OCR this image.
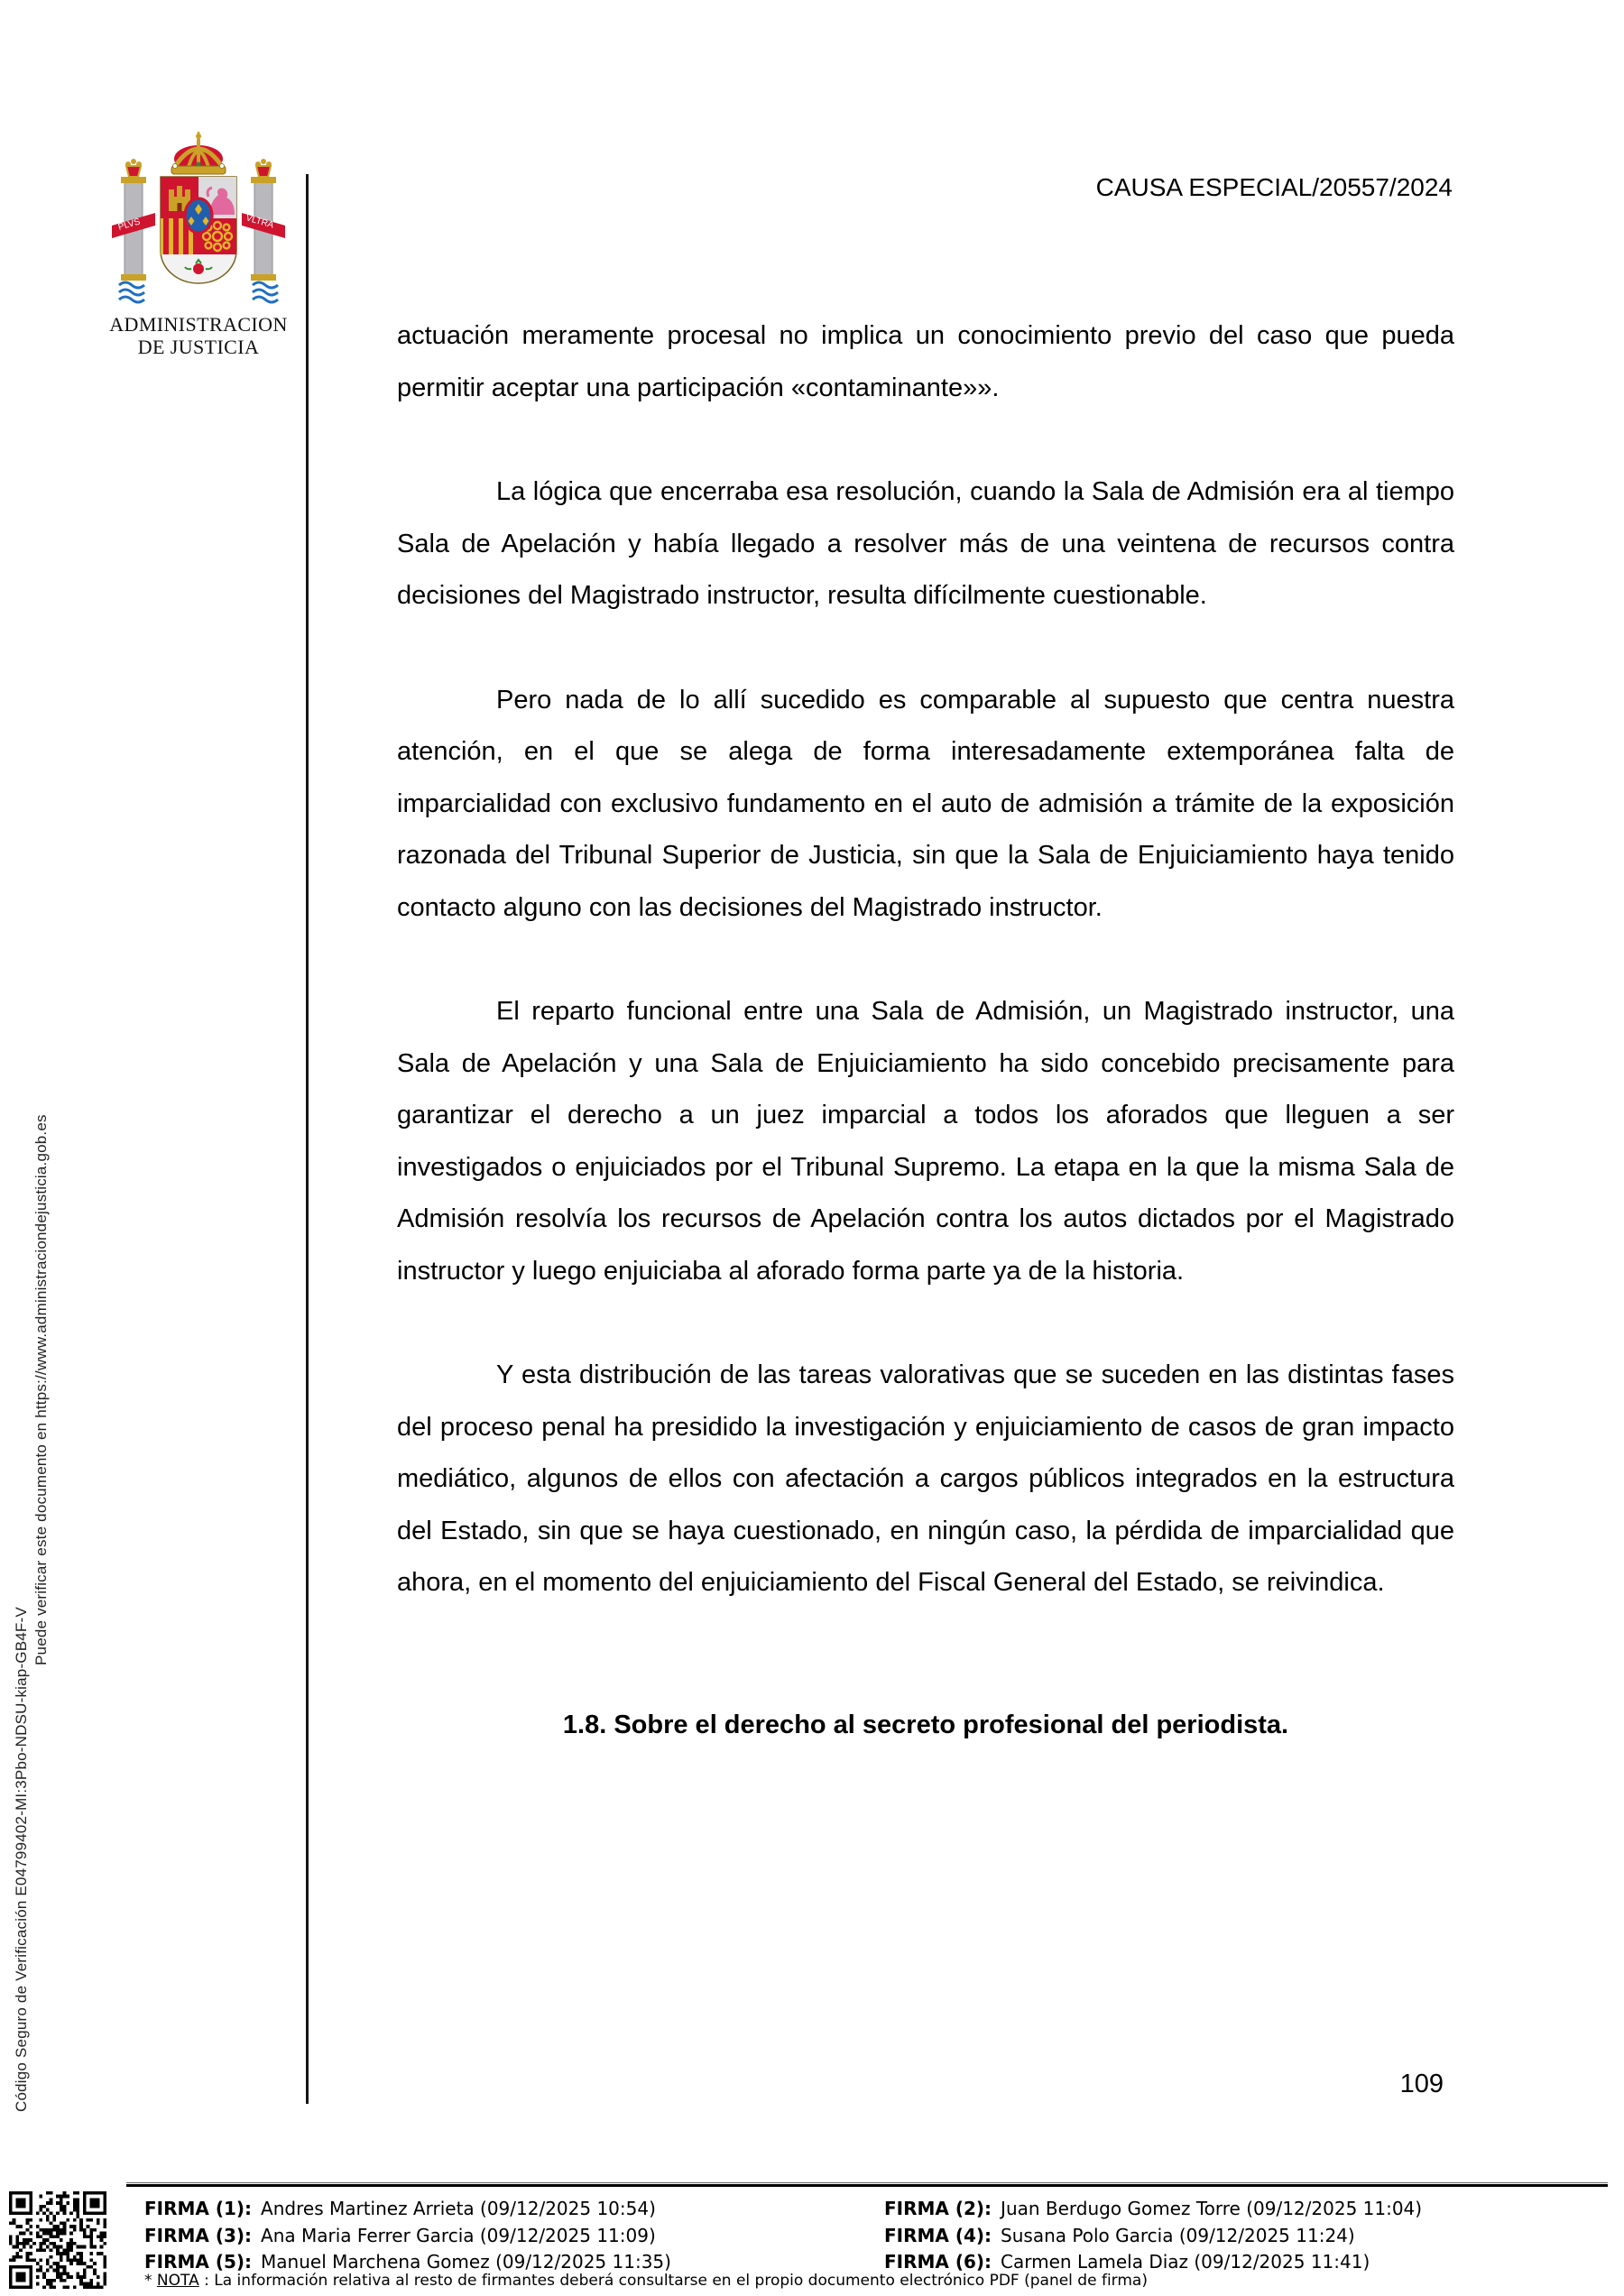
Código Seguro de Verificación E04799402-MI:3Pbo-NDSU-kiap-GB4F-V
Puede verificar este documento en https://www.administraciondejusticia.gob.es
PLVS	VLTRA
ADMINISTRACION
DE JUSTICIA
CAUSA ESPECIAL/20557/2024

actuación meramente procesal no implica un conocimiento previo del caso que pueda permitir aceptar una participación «contaminante»».

La lógica que encerraba esa resolución, cuando la Sala de Admisión era al tiempo Sala de Apelación y había llegado a resolver más de una veintena de recursos contra decisiones del Magistrado instructor, resulta difícilmente cuestionable.

Pero nada de lo allí sucedido es comparable al supuesto que centra nuestra atención, en el que se alega de forma interesadamente extemporánea falta de imparcialidad con exclusivo fundamento en el auto de admisión a trámite de la exposición razonada del Tribunal Superior de Justicia, sin que la Sala de Enjuiciamiento haya tenido contacto alguno con las decisiones del Magistrado instructor.

El reparto funcional entre una Sala de Admisión, un Magistrado instructor, una Sala de Apelación y una Sala de Enjuiciamiento ha sido concebido precisamente para garantizar el derecho a un juez imparcial a todos los aforados que lleguen a ser investigados o enjuiciados por el Tribunal Supremo. La etapa en la que la misma Sala de Admisión resolvía los recursos de Apelación contra los autos dictados por el Magistrado instructor y luego enjuiciaba al aforado forma parte ya de la historia.

Y esta distribución de las tareas valorativas que se suceden en las distintas fases del proceso penal ha presidido la investigación y enjuiciamiento de casos de gran impacto mediático, algunos de ellos con afectación a cargos públicos integrados en la estructura del Estado, sin que se haya cuestionado, en ningún caso, la pérdida de imparcialidad que ahora, en el momento del enjuiciamiento del Fiscal General del Estado, se reivindica.

1.8. Sobre el derecho al secreto profesional del periodista.
109
FIRMA (1): Andres Martinez Arrieta (09/12/2025 10:54)
FIRMA (3): Ana Maria Ferrer Garcia (09/12/2025 11:09)
FIRMA (5): Manuel Marchena Gomez (09/12/2025 11:35)
FIRMA (2): Juan Berdugo Gomez Torre (09/12/2025 11:04)
FIRMA (4): Susana Polo Garcia (09/12/2025 11:24)
FIRMA (6): Carmen Lamela Diaz (09/12/2025 11:41)
* NOTA : La información relativa al resto de firmantes deberá consultarse en el propio documento electrónico PDF (panel de firma)
